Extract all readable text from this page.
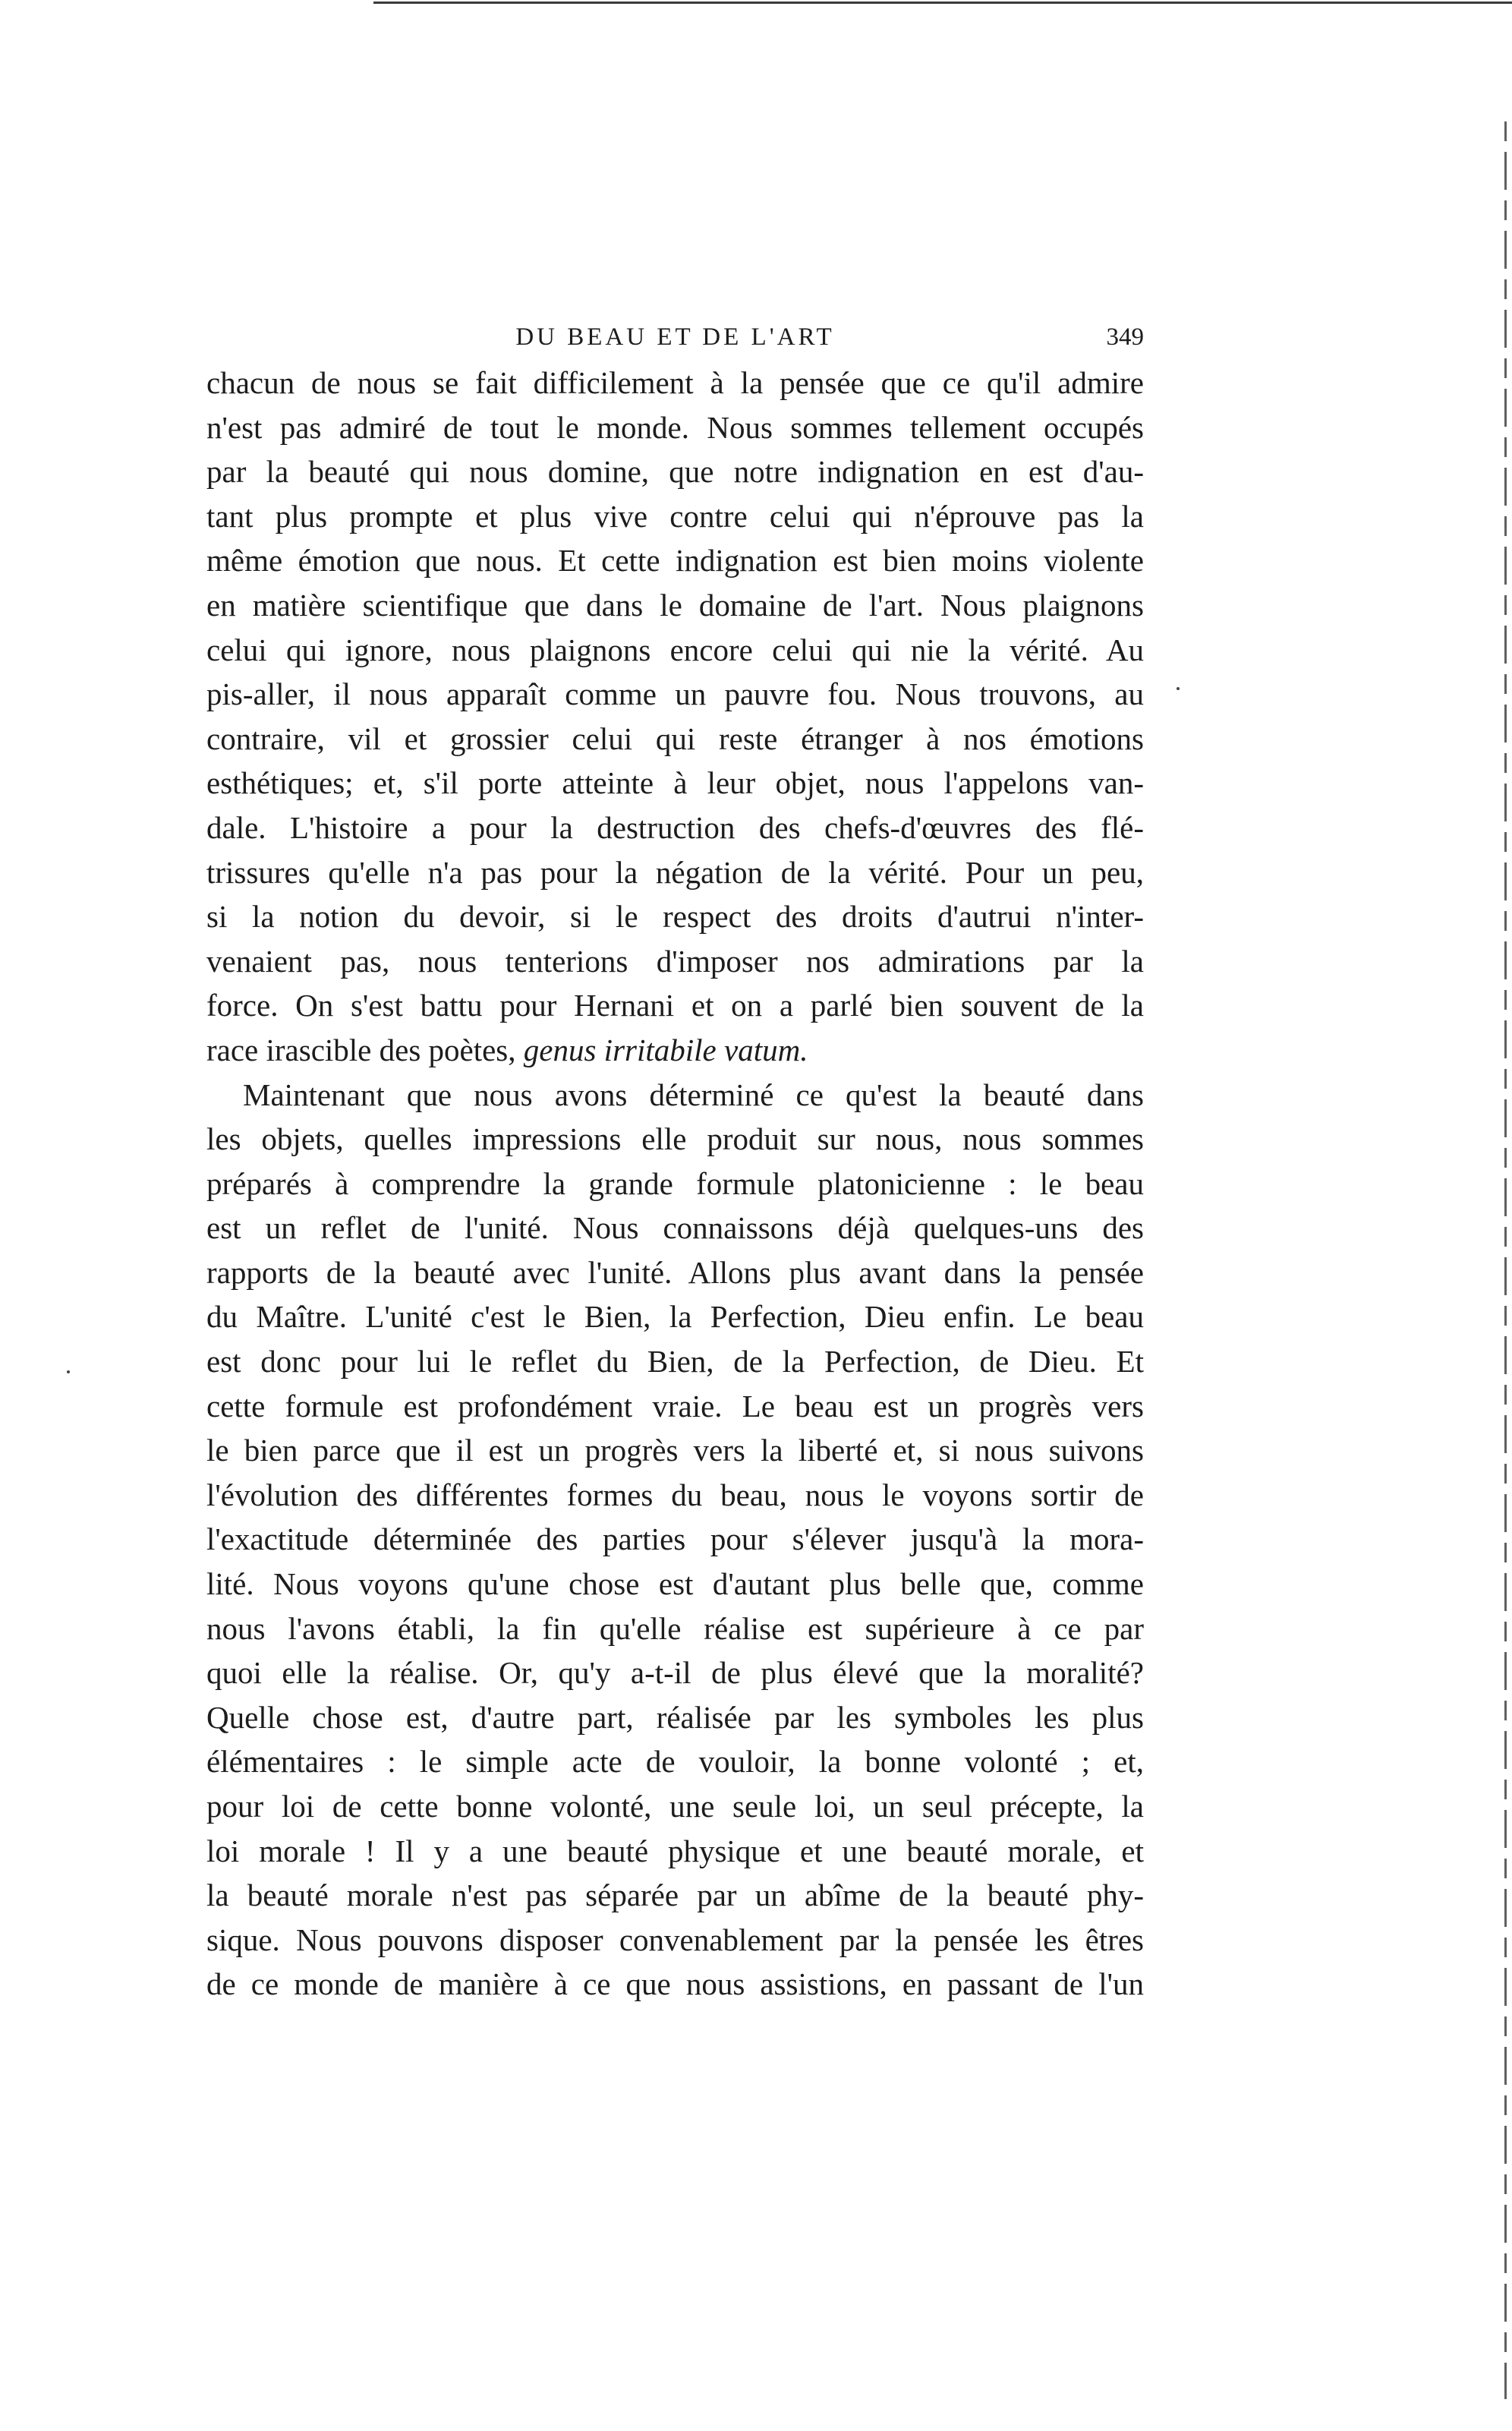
DU BEAU ET DE L'ART	349
chacun de nous se fait difficilement à la pensée que ce qu'il admire
n'est pas admiré de tout le monde. Nous sommes tellement occupés
par la beauté qui nous domine, que notre indignation en est d'au-
tant plus prompte et plus vive contre celui qui n'éprouve pas la
même émotion que nous. Et cette indignation est bien moins violente
en matière scientifique que dans le domaine de l'art. Nous plaignons
celui qui ignore, nous plaignons encore celui qui nie la vérité. Au
pis-aller, il nous apparaît comme un pauvre fou. Nous trouvons, au
contraire, vil et grossier celui qui reste étranger à nos émotions
esthétiques; et, s'il porte atteinte à leur objet, nous l'appelons van-
dale. L'histoire a pour la destruction des chefs-d'œuvres des flé-
trissures qu'elle n'a pas pour la négation de la vérité. Pour un peu,
si la notion du devoir, si le respect des droits d'autrui n'inter-
venaient pas, nous tenterions d'imposer nos admirations par la
force. On s'est battu pour Hernani et on a parlé bien souvent de la
race irascible des poètes, genus irritabile vatum.
Maintenant que nous avons déterminé ce qu'est la beauté dans
les objets, quelles impressions elle produit sur nous, nous sommes
préparés à comprendre la grande formule platonicienne : le beau
est un reflet de l'unité. Nous connaissons déjà quelques-uns des
rapports de la beauté avec l'unité. Allons plus avant dans la pensée
du Maître. L'unité c'est le Bien, la Perfection, Dieu enfin. Le beau
est donc pour lui le reflet du Bien, de la Perfection, de Dieu. Et
cette formule est profondément vraie. Le beau est un progrès vers
le bien parce que il est un progrès vers la liberté et, si nous suivons
l'évolution des différentes formes du beau, nous le voyons sortir de
l'exactitude déterminée des parties pour s'élever jusqu'à la mora-
lité. Nous voyons qu'une chose est d'autant plus belle que, comme
nous l'avons établi, la fin qu'elle réalise est supérieure à ce par
quoi elle la réalise. Or, qu'y a-t-il de plus élevé que la moralité?
Quelle chose est, d'autre part, réalisée par les symboles les plus
élémentaires : le simple acte de vouloir, la bonne volonté ; et,
pour loi de cette bonne volonté, une seule loi, un seul précepte, la
loi morale ! Il y a une beauté physique et une beauté morale, et
la beauté morale n'est pas séparée par un abîme de la beauté phy-
sique. Nous pouvons disposer convenablement par la pensée les êtres
de ce monde de manière à ce que nous assistions, en passant de l'un
